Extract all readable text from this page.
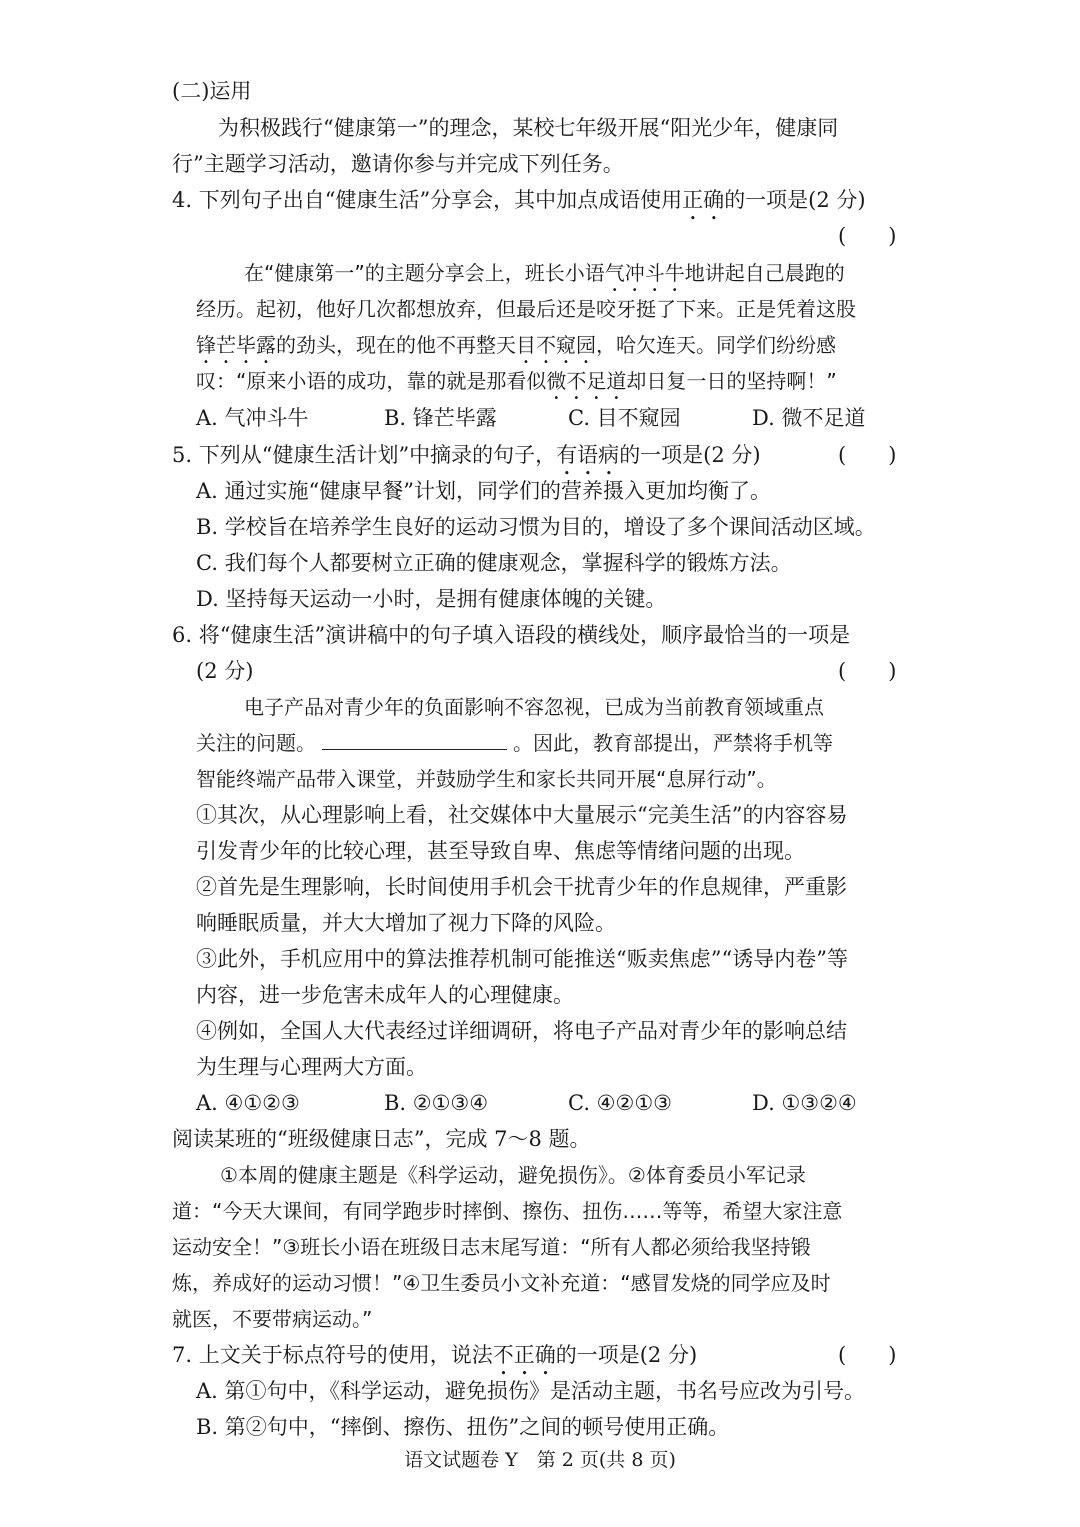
(二)运用
为积极践行“健康第一”的理念，某校七年级开展“阳光少年，健康同
行”主题学习活动，邀请你参与并完成下列任务。
4. 下列句子出自“健康生活”分享会，其中加点成语使用正确的一项是(2 分)
(　　)
在“健康第一”的主题分享会上，班长小语气冲斗牛地讲起自己晨跑的
经历。起初，他好几次都想放弃，但最后还是咬牙挺了下来。正是凭着这股
锋芒毕露的劲头，现在的他不再整天目不窥园，哈欠连天。同学们纷纷感
叹：“原来小语的成功，靠的就是那看似微不足道却日复一日的坚持啊！”
A. 气冲斗牛	B. 锋芒毕露	C. 目不窥园	D. 微不足道
5. 下列从“健康生活计划”中摘录的句子，有语病的一项是(2 分)	(　　)
A. 通过实施“健康早餐”计划，同学们的营养摄入更加均衡了。
B. 学校旨在培养学生良好的运动习惯为目的，增设了多个课间活动区域。
C. 我们每个人都要树立正确的健康观念，掌握科学的锻炼方法。
D. 坚持每天运动一小时，是拥有健康体魄的关键。
6. 将“健康生活”演讲稿中的句子填入语段的横线处，顺序最恰当的一项是
(2 分)	(　　)
电子产品对青少年的负面影响不容忽视，已成为当前教育领域重点
关注的问题。	。因此，教育部提出，严禁将手机等
智能终端产品带入课堂，并鼓励学生和家长共同开展“息屏行动”。
①其次，从心理影响上看，社交媒体中大量展示“完美生活”的内容容易
引发青少年的比较心理，甚至导致自卑、焦虑等情绪问题的出现。
②首先是生理影响，长时间使用手机会干扰青少年的作息规律，严重影
响睡眠质量，并大大增加了视力下降的风险。
③此外，手机应用中的算法推荐机制可能推送“贩卖焦虑”“诱导内卷”等
内容，进一步危害未成年人的心理健康。
④例如，全国人大代表经过详细调研，将电子产品对青少年的影响总结
为生理与心理两大方面。
A. ④①②③	B. ②①③④	C. ④②①③	D. ①③②④
阅读某班的“班级健康日志”，完成 7～8 题。
①本周的健康主题是《科学运动，避免损伤》。②体育委员小军记录
道：“今天大课间，有同学跑步时摔倒、擦伤、扭伤……等等，希望大家注意
运动安全！”③班长小语在班级日志末尾写道：“所有人都必须给我坚持锻
炼，养成好的运动习惯！”④卫生委员小文补充道：“感冒发烧的同学应及时
就医，不要带病运动。”
7. 上文关于标点符号的使用，说法不正确的一项是(2 分)	(　　)
A. 第①句中，《科学运动，避免损伤》是活动主题，书名号应改为引号。
B. 第②句中，“摔倒、擦伤、扭伤”之间的顿号使用正确。
语文试题卷 Y　第 2 页(共 8 页)
